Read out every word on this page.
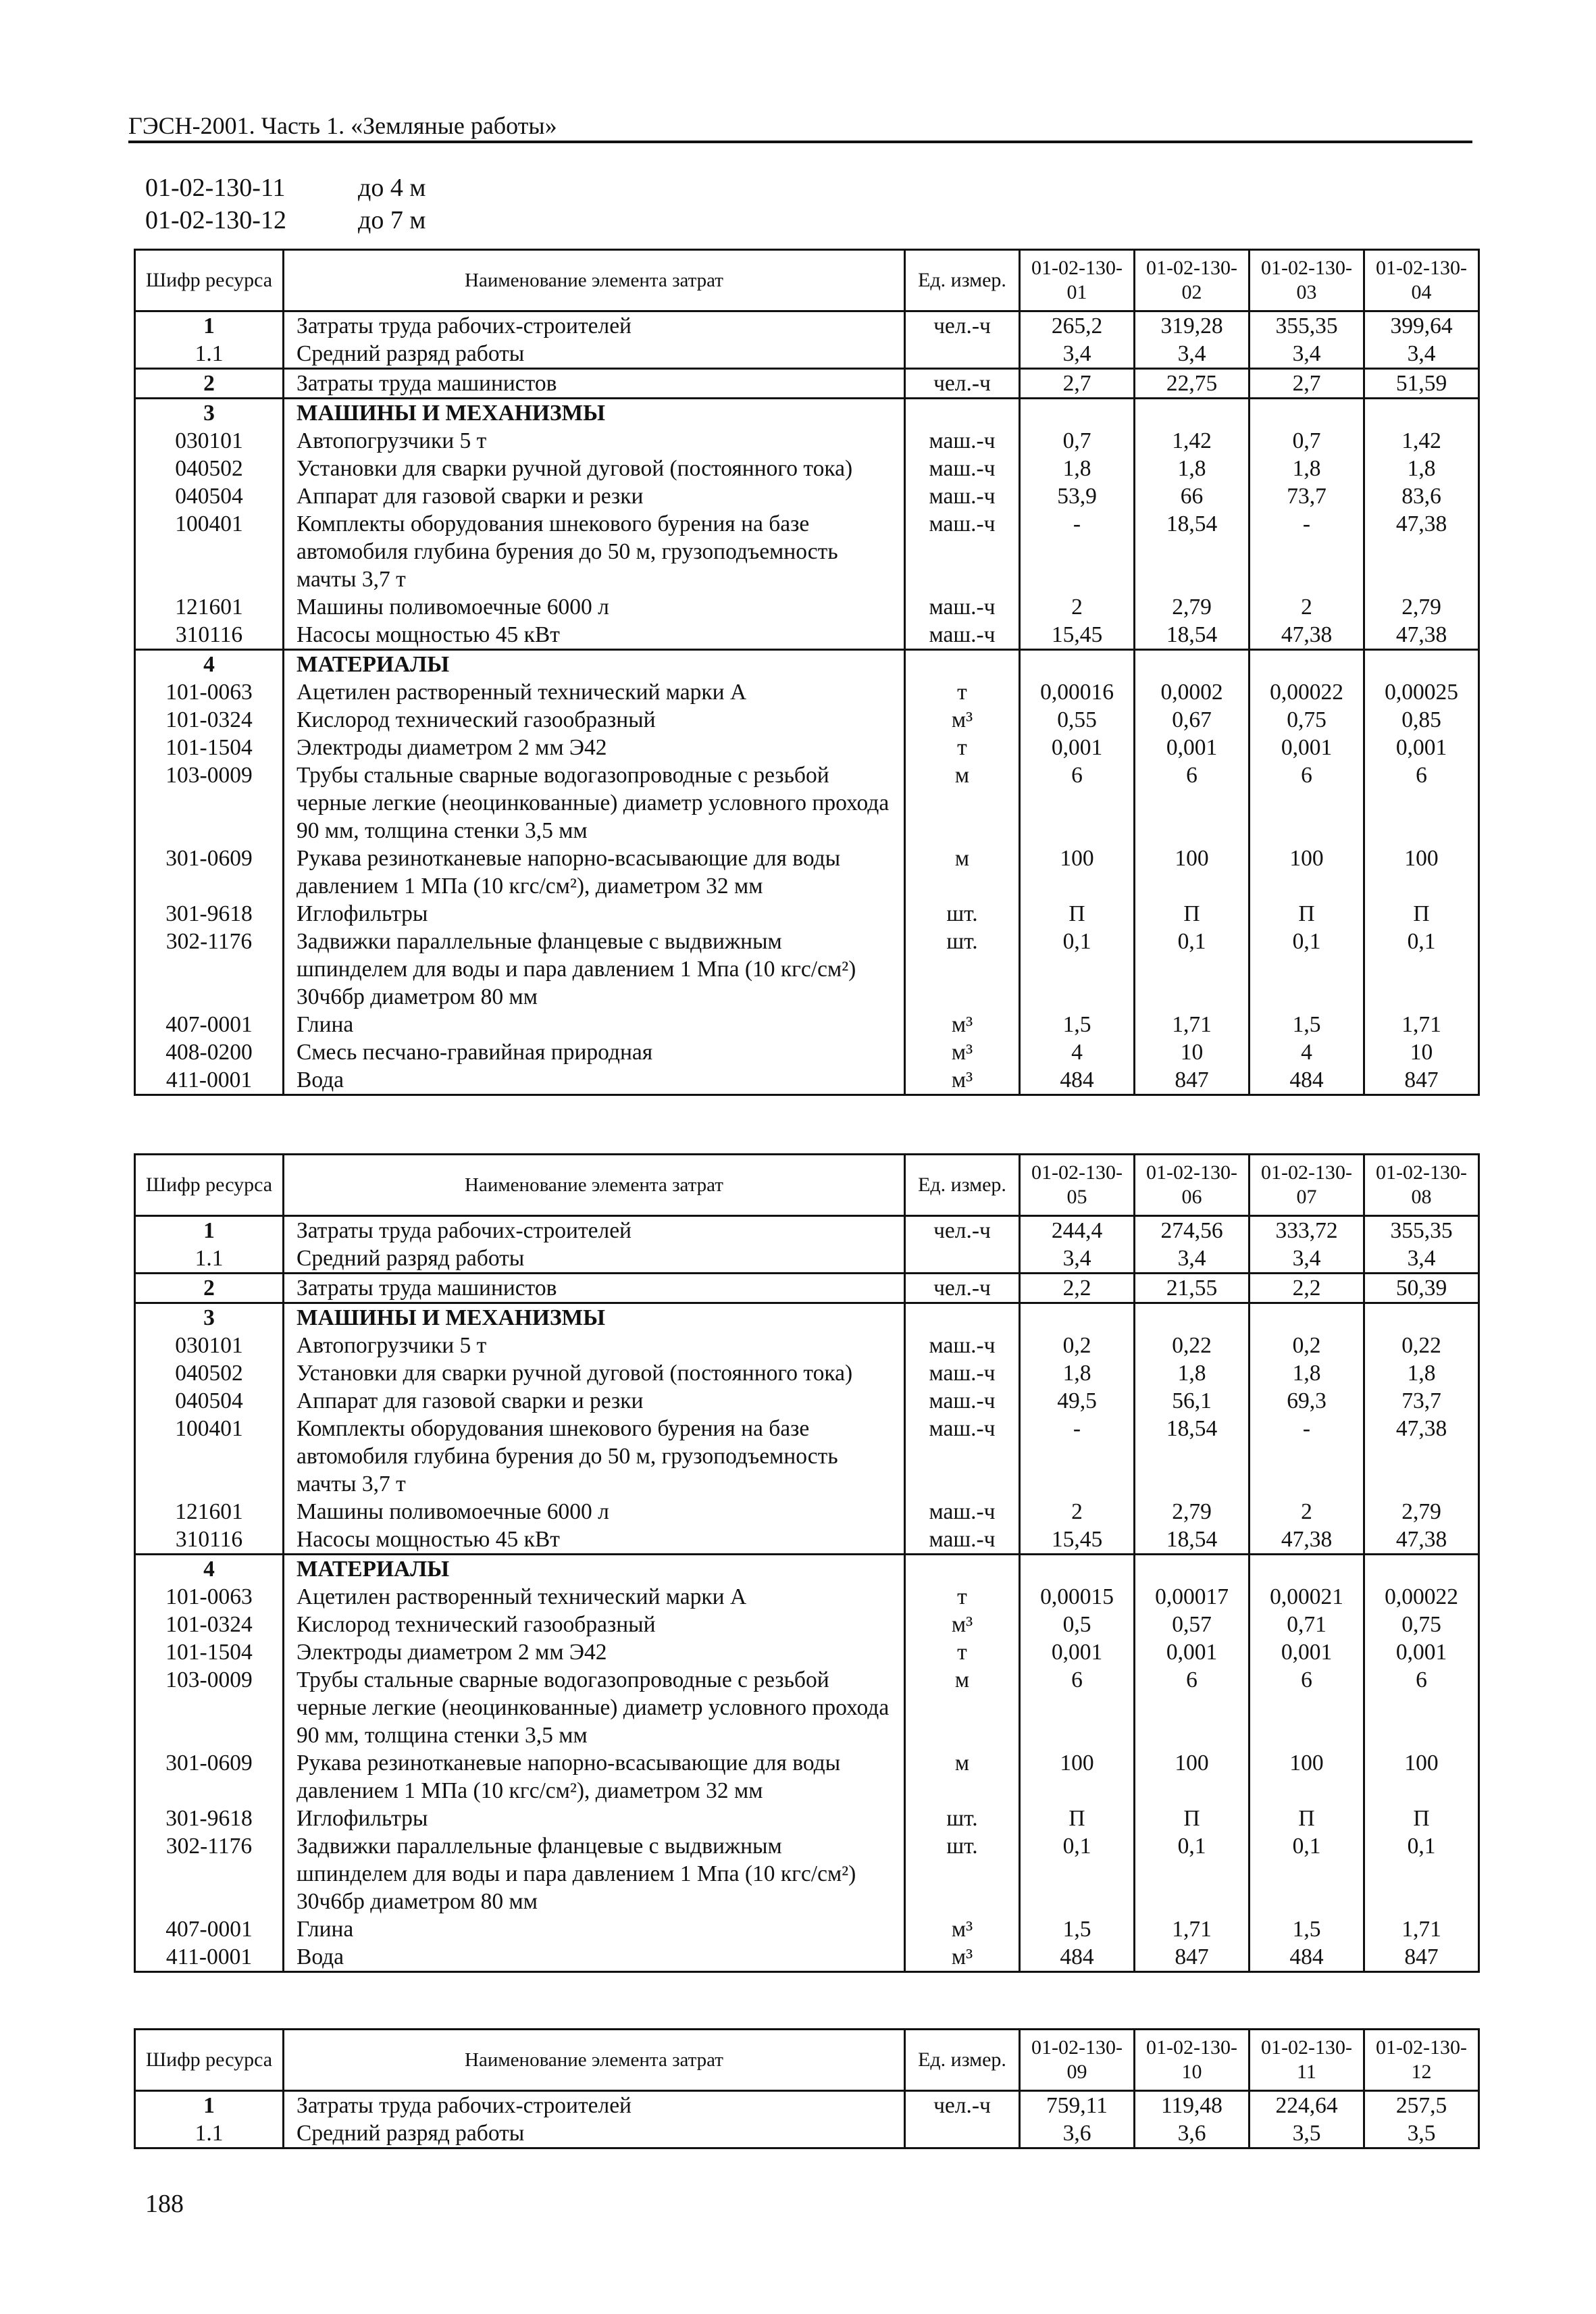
ГЭСН-2001. Часть 1. «Земляные работы»
01-02-130-11	до 4 м
01-02-130-12	до 7 м
Шифр ресурса	Наименование элемента затрат	Ед. измер.	01-02-130-01	01-02-130-02	01-02-130-03	01-02-130-04
1	Затраты труда рабочих-строителей	чел.-ч	265,2	319,28	355,35	399,64
1.1	Средний разряд работы		3,4	3,4	3,4	3,4
2	Затраты труда машинистов	чел.-ч	2,7	22,75	2,7	51,59
3	МАШИНЫ И МЕХАНИЗМЫ					
030101	Автопогрузчики 5 т	маш.-ч	0,7	1,42	0,7	1,42
040502	Установки для сварки ручной дуговой (постоянного тока)	маш.-ч	1,8	1,8	1,8	1,8
040504	Аппарат для газовой сварки и резки	маш.-ч	53,9	66	73,7	83,6
100401	Комплекты оборудования шнекового бурения на базе автомобиля глубина бурения до 50 м, грузоподъемность мачты 3,7 т	маш.-ч	-	18,54	-	47,38
121601	Машины поливомоечные 6000 л	маш.-ч	2	2,79	2	2,79
310116	Насосы мощностью 45 кВт	маш.-ч	15,45	18,54	47,38	47,38
4	МАТЕРИАЛЫ					
101-0063	Ацетилен растворенный технический марки А	т	0,00016	0,0002	0,00022	0,00025
101-0324	Кислород технический газообразный	м³	0,55	0,67	0,75	0,85
101-1504	Электроды диаметром 2 мм Э42	т	0,001	0,001	0,001	0,001
103-0009	Трубы стальные сварные водогазопроводные с резьбой черные легкие (неоцинкованные) диаметр условного прохода 90 мм, толщина стенки 3,5 мм	м	6	6	6	6
301-0609	Рукава резинотканевые напорно-всасывающие для воды давлением 1 МПа (10 кгс/см²), диаметром 32 мм	м	100	100	100	100
301-9618	Иглофильтры	шт.	П	П	П	П
302-1176	Задвижки параллельные фланцевые с выдвижным шпинделем для воды и пара давлением 1 Мпа (10 кгс/см²) 30ч6бр диаметром 80 мм	шт.	0,1	0,1	0,1	0,1
407-0001	Глина	м³	1,5	1,71	1,5	1,71
408-0200	Смесь песчано-гравийная природная	м³	4	10	4	10
411-0001	Вода	м³	484	847	484	847
Шифр ресурса	Наименование элемента затрат	Ед. измер.	01-02-130-05	01-02-130-06	01-02-130-07	01-02-130-08
1	Затраты труда рабочих-строителей	чел.-ч	244,4	274,56	333,72	355,35
1.1	Средний разряд работы		3,4	3,4	3,4	3,4
2	Затраты труда машинистов	чел.-ч	2,2	21,55	2,2	50,39
3	МАШИНЫ И МЕХАНИЗМЫ					
030101	Автопогрузчики 5 т	маш.-ч	0,2	0,22	0,2	0,22
040502	Установки для сварки ручной дуговой (постоянного тока)	маш.-ч	1,8	1,8	1,8	1,8
040504	Аппарат для газовой сварки и резки	маш.-ч	49,5	56,1	69,3	73,7
100401	Комплекты оборудования шнекового бурения на базе автомобиля глубина бурения до 50 м, грузоподъемность мачты 3,7 т	маш.-ч	-	18,54	-	47,38
121601	Машины поливомоечные 6000 л	маш.-ч	2	2,79	2	2,79
310116	Насосы мощностью 45 кВт	маш.-ч	15,45	18,54	47,38	47,38
4	МАТЕРИАЛЫ					
101-0063	Ацетилен растворенный технический марки А	т	0,00015	0,00017	0,00021	0,00022
101-0324	Кислород технический газообразный	м³	0,5	0,57	0,71	0,75
101-1504	Электроды диаметром 2 мм Э42	т	0,001	0,001	0,001	0,001
103-0009	Трубы стальные сварные водогазопроводные с резьбой черные легкие (неоцинкованные) диаметр условного прохода 90 мм, толщина стенки 3,5 мм	м	6	6	6	6
301-0609	Рукава резинотканевые напорно-всасывающие для воды давлением 1 МПа (10 кгс/см²), диаметром 32 мм	м	100	100	100	100
301-9618	Иглофильтры	шт.	П	П	П	П
302-1176	Задвижки параллельные фланцевые с выдвижным шпинделем для воды и пара давлением 1 Мпа (10 кгс/см²) 30ч6бр диаметром 80 мм	шт.	0,1	0,1	0,1	0,1
407-0001	Глина	м³	1,5	1,71	1,5	1,71
411-0001	Вода	м³	484	847	484	847
Шифр ресурса	Наименование элемента затрат	Ед. измер.	01-02-130-09	01-02-130-10	01-02-130-11	01-02-130-12
1	Затраты труда рабочих-строителей	чел.-ч	759,11	119,48	224,64	257,5
1.1	Средний разряд работы		3,6	3,6	3,5	3,5
188
